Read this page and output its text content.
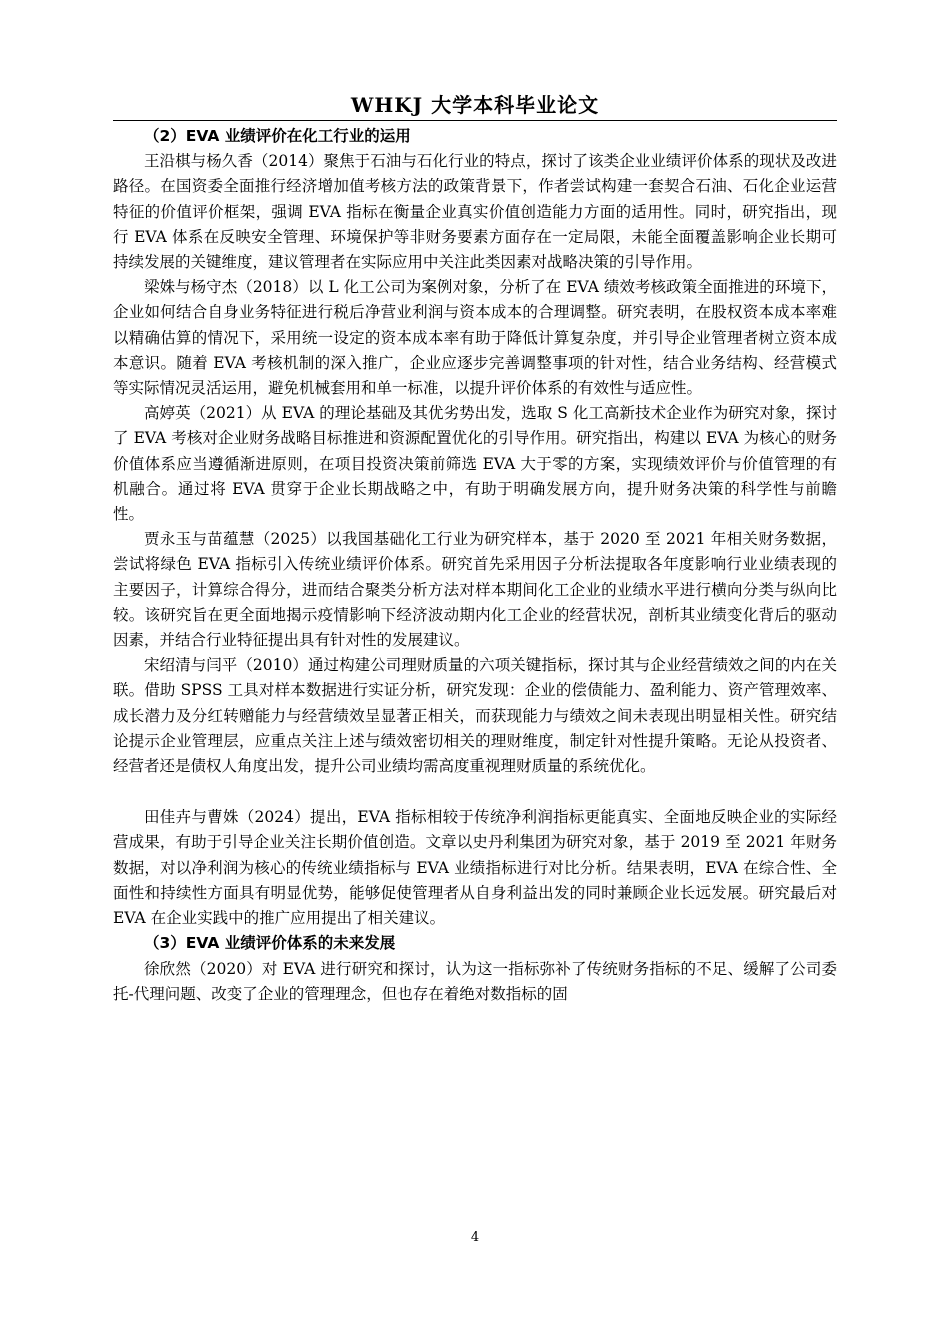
WHKJ 大学本科毕业论文

（2）EVA 业绩评价在化工行业的运用

王沿棋与杨久香（2014）聚焦于石油与石化行业的特点，探讨了该类企业业绩评价体系的现状及改进路径。在国资委全面推行经济增加值考核方法的政策背景下，作者尝试构建一套契合石油、石化企业运营特征的价值评价框架，强调 EVA 指标在衡量企业真实价值创造能力方面的适用性。同时，研究指出，现行 EVA 体系在反映安全管理、环境保护等非财务要素方面存在一定局限，未能全面覆盖影响企业长期可持续发展的关键维度，建议管理者在实际应用中关注此类因素对战略决策的引导作用。

梁姝与杨守杰（2018）以 L 化工公司为案例对象，分析了在 EVA 绩效考核政策全面推进的环境下，企业如何结合自身业务特征进行税后净营业利润与资本成本的合理调整。研究表明，在股权资本成本率难以精确估算的情况下，采用统一设定的资本成本率有助于降低计算复杂度，并引导企业管理者树立资本成本意识。随着 EVA 考核机制的深入推广，企业应逐步完善调整事项的针对性，结合业务结构、经营模式等实际情况灵活运用，避免机械套用和单一标准，以提升评价体系的有效性与适应性。

高婷英（2021）从 EVA 的理论基础及其优劣势出发，选取 S 化工高新技术企业作为研究对象，探讨了 EVA 考核对企业财务战略目标推进和资源配置优化的引导作用。研究指出，构建以 EVA 为核心的财务价值体系应当遵循渐进原则，在项目投资决策前筛选 EVA 大于零的方案，实现绩效评价与价值管理的有机融合。通过将 EVA 贯穿于企业长期战略之中，有助于明确发展方向，提升财务决策的科学性与前瞻性。

贾永玉与苗蕴慧（2025）以我国基础化工行业为研究样本，基于 2020 至 2021 年相关财务数据，尝试将绿色 EVA 指标引入传统业绩评价体系。研究首先采用因子分析法提取各年度影响行业业绩表现的主要因子，计算综合得分，进而结合聚类分析方法对样本期间化工企业的业绩水平进行横向分类与纵向比较。该研究旨在更全面地揭示疫情影响下经济波动期内化工企业的经营状况，剖析其业绩变化背后的驱动因素，并结合行业特征提出具有针对性的发展建议。

宋绍清与闫平（2010）通过构建公司理财质量的六项关键指标，探讨其与企业经营绩效之间的内在关联。借助 SPSS 工具对样本数据进行实证分析，研究发现：企业的偿债能力、盈利能力、资产管理效率、成长潜力及分红转赠能力与经营绩效呈显著正相关，而获现能力与绩效之间未表现出明显相关性。研究结论提示企业管理层，应重点关注上述与绩效密切相关的理财维度，制定针对性提升策略。无论从投资者、经营者还是债权人角度出发，提升公司业绩均需高度重视理财质量的系统优化。

田佳卉与曹姝（2024）提出，EVA 指标相较于传统净利润指标更能真实、全面地反映企业的实际经营成果，有助于引导企业关注长期价值创造。文章以史丹利集团为研究对象，基于 2019 至 2021 年财务数据，对以净利润为核心的传统业绩指标与 EVA 业绩指标进行对比分析。结果表明，EVA 在综合性、全面性和持续性方面具有明显优势，能够促使管理者从自身利益出发的同时兼顾企业长远发展。研究最后对 EVA 在企业实践中的推广应用提出了相关建议。

（3）EVA 业绩评价体系的未来发展

徐欣然（2020）对 EVA 进行研究和探讨，认为这一指标弥补了传统财务指标的不足、缓解了公司委托-代理问题、改变了企业的管理理念，但也存在着绝对数指标的固

4
